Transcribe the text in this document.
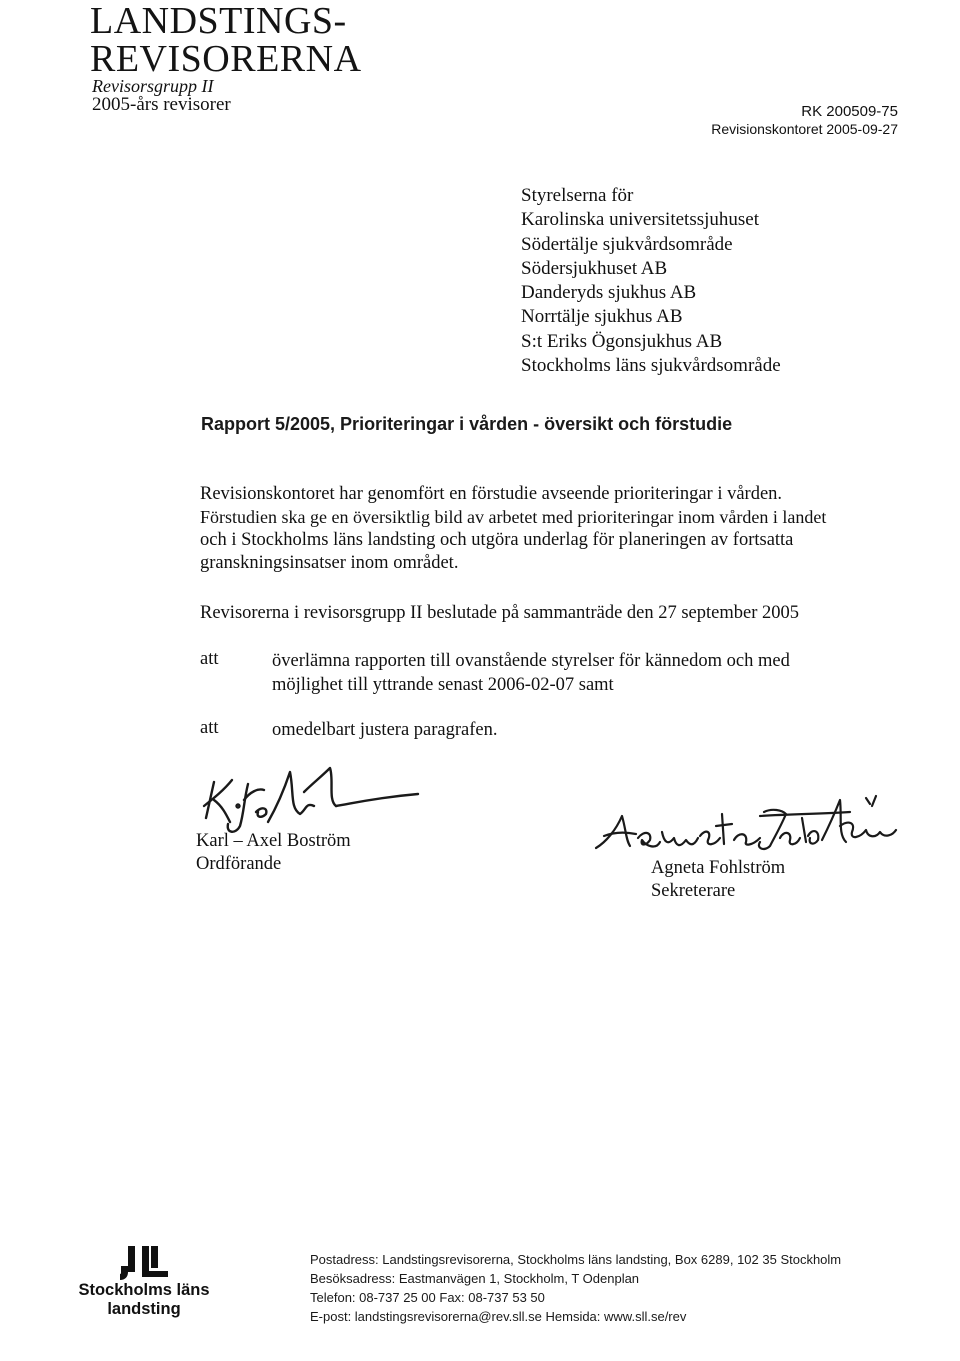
LANDSTINGS-
REVISORERNA
Revisorsgrupp II
2005-års revisorer	RK 200509-75
Revisionskontoret 2005-09-27
Styrelserna för
Karolinska universitetssjuhuset
Södertälje sjukvårdsområde
Södersjukhuset AB
Danderyds sjukhus AB
Norrtälje sjukhus AB
S:t Eriks Ögonsjukhus AB
Stockholms läns sjukvårdsområde
Rapport 5/2005, Prioriteringar i vården - översikt och förstudie
Revisionskontoret har genomfört en förstudie avseende prioriteringar i vården.
Förstudien ska ge en översiktlig bild av arbetet med prioriteringar inom vården i landet
och i Stockholms läns landsting och utgöra underlag för planeringen av fortsatta
granskningsinsatser inom området.
Revisorerna i revisorsgrupp II beslutade på sammanträde den 27 september 2005
att	överlämna rapporten till ovanstående styrelser för kännedom och med
möjlighet till yttrande senast 2006-02-07 samt
att	omedelbart justera paragrafen.
Karl – Axel Boström
Ordförande	Agneta Fohlström
Sekreterare
Stockholms läns
landsting
Postadress: Landstingsrevisorerna, Stockholms läns landsting, Box 6289, 102 35 Stockholm
Besöksadress: Eastmanvägen 1, Stockholm, T Odenplan
Telefon: 08-737 25 00 Fax: 08-737 53 50
E-post: landstingsrevisorerna@rev.sll.se Hemsida: www.sll.se/rev
